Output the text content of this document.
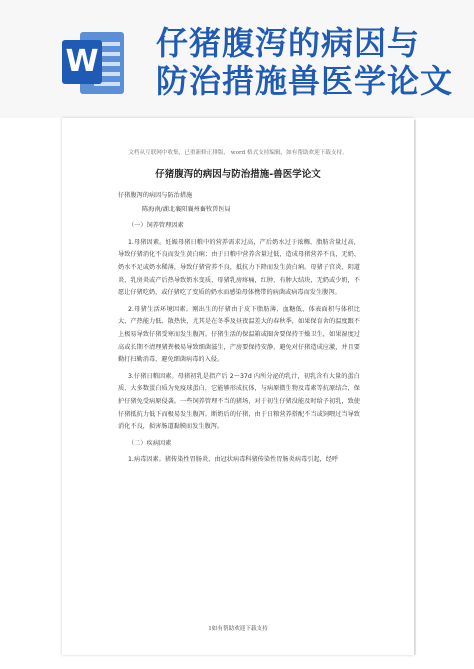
W 仔猪腹泻的病因与
防治措施兽医学论文
文档从互联网中收集，已重新修正排版， word 格式支持编辑，如有帮助欢迎下载支持。
仔猪腹泻的病因与防治措施-兽医学论文

仔猪腹泻的病因与防治措施

陈海南/湖北襄阳襄州畜牧兽医局

（一）饲养管理因素

1.母猪因素。妊娠母猪日粮中的营养需求过高，产后奶水过于浓稠、脂肪含量过高，导致仔猪消化不良而发生黄白痢；由于日粮中营养含量过低，造成母猪营养不良，无奶、奶水不足或奶水稀薄，导致仔猪营养不良，抵抗力下降而发生黄白痢。母猪子宫炎、阴道炎、乳房炎或产后热导致奶水变质，母猪乳房疼痛，红肿，有肿大结块，无奶或少奶，不愿让仔猪吃奶，或仔猪吃了变质的奶水而感染母体携带的病菌或病毒而发生腹泻。

2.母猪生活环境因素。刚出生的仔猪由于皮下脂肪薄、血糖低、体表面积与体积比大、产热能力低、散热快，尤其是在冬季及昼夜温差大的春秋季，如果保育舍的温度跟不上极易导致仔猪受寒而发生腹泻。仔猪生活的保温箱或圈舍要保持干燥卫生，如果湿度过高或长期不清理猪粪极易导致细菌滋生，产房要保持安静，避免对仔猪造成应激，并且要勤打扫勤消毒，避免细菌病毒的入侵。

3.仔猪日粮因素。母猪初乳是指产后 2～37d 内所分泌的乳汁，初乳含有大量的蛋白质、大多数蛋白质为免疫球蛋白，它能够形成抗体，与病原微生物及毒素等抗原结合，保护仔猪免受病原侵袭。一些饲养管理不当的猪场，对于初生仔猪没能及时给予初乳，致使仔猪抵抗力低下而极易发生腹泻。断奶后的仔猪，由于日粮营养搭配不当或饲喂过当导致消化不良，损害肠道黏膜而发生腹泻。

（二）疾病因素

1.病毒因素。猪传染性胃肠炎，由冠状病毒科猪传染性胃肠炎病毒引起，经呼

1如有帮助欢迎下载支持
